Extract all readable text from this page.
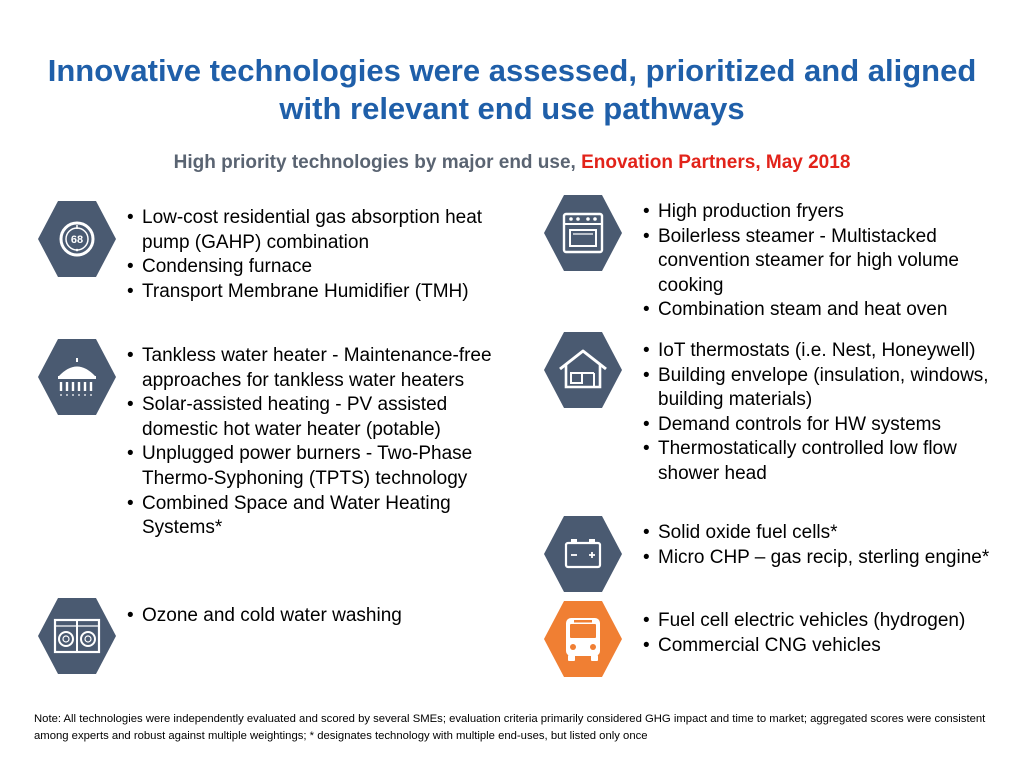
Innovative technologies were assessed, prioritized and aligned with relevant end use pathways
High priority technologies by major end use, Enovation Partners, May 2018
68
• Low-cost residential gas absorption heat pump (GAHP) combination
• Condensing furnace
• Transport Membrane Humidifier (TMH)
• Tankless water heater - Maintenance-free approaches for tankless water heaters
• Solar-assisted heating - PV assisted domestic hot water heater (potable)
• Unplugged power burners - Two-Phase Thermo-Syphoning (TPTS) technology
• Combined Space and Water Heating Systems*
• Ozone and cold water washing
• High production fryers
• Boilerless steamer - Multistacked convention steamer for high volume cooking
• Combination steam and heat oven
• IoT thermostats (i.e. Nest, Honeywell)
• Building envelope (insulation, windows, building materials)
• Demand controls for HW systems
• Thermostatically controlled low flow shower head
• Solid oxide fuel cells*
• Micro CHP – gas recip, sterling engine*
• Fuel cell electric vehicles (hydrogen)
• Commercial CNG vehicles
Note: All technologies were independently evaluated and scored by several SMEs; evaluation criteria primarily considered GHG impact and time to market; aggregated scores were consistent among experts and robust against multiple weightings; * designates technology with multiple end-uses, but listed only once
